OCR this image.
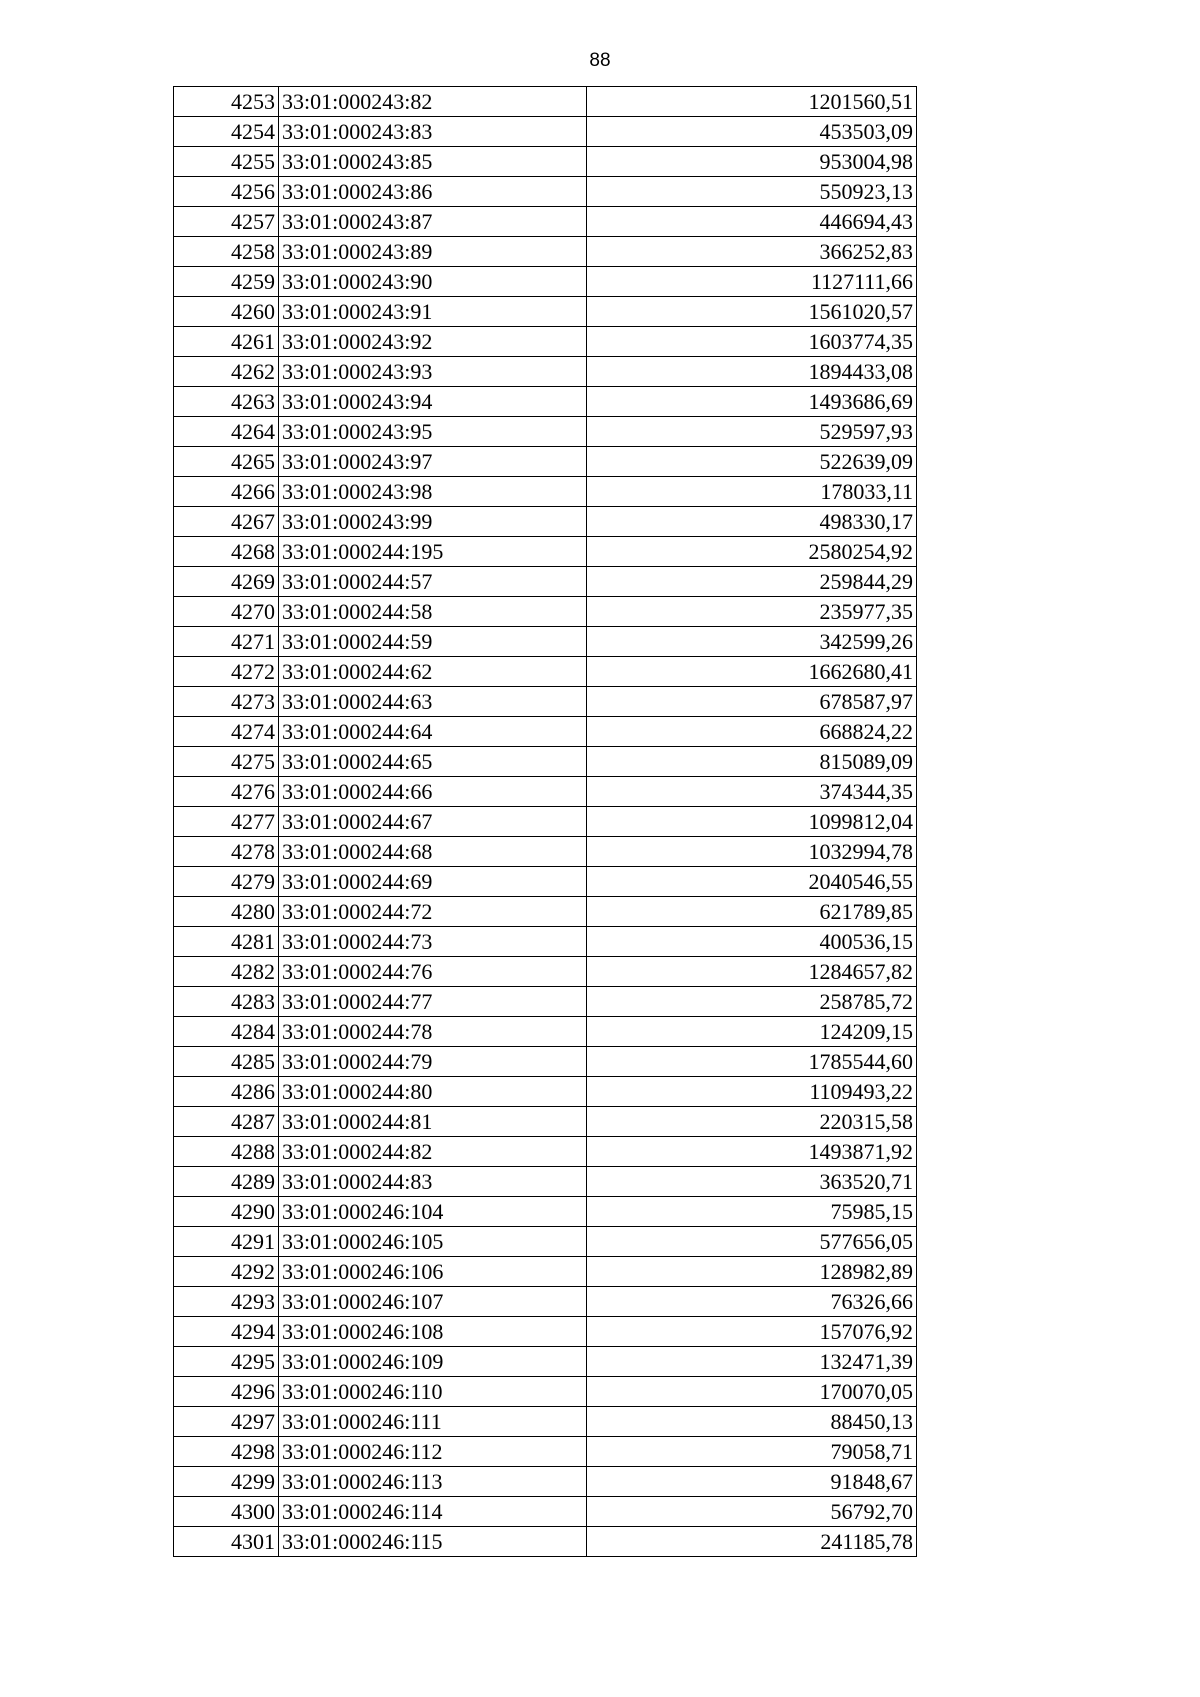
88
4253	33:01:000243:82	1201560,51
4254	33:01:000243:83	453503,09
4255	33:01:000243:85	953004,98
4256	33:01:000243:86	550923,13
4257	33:01:000243:87	446694,43
4258	33:01:000243:89	366252,83
4259	33:01:000243:90	1127111,66
4260	33:01:000243:91	1561020,57
4261	33:01:000243:92	1603774,35
4262	33:01:000243:93	1894433,08
4263	33:01:000243:94	1493686,69
4264	33:01:000243:95	529597,93
4265	33:01:000243:97	522639,09
4266	33:01:000243:98	178033,11
4267	33:01:000243:99	498330,17
4268	33:01:000244:195	2580254,92
4269	33:01:000244:57	259844,29
4270	33:01:000244:58	235977,35
4271	33:01:000244:59	342599,26
4272	33:01:000244:62	1662680,41
4273	33:01:000244:63	678587,97
4274	33:01:000244:64	668824,22
4275	33:01:000244:65	815089,09
4276	33:01:000244:66	374344,35
4277	33:01:000244:67	1099812,04
4278	33:01:000244:68	1032994,78
4279	33:01:000244:69	2040546,55
4280	33:01:000244:72	621789,85
4281	33:01:000244:73	400536,15
4282	33:01:000244:76	1284657,82
4283	33:01:000244:77	258785,72
4284	33:01:000244:78	124209,15
4285	33:01:000244:79	1785544,60
4286	33:01:000244:80	1109493,22
4287	33:01:000244:81	220315,58
4288	33:01:000244:82	1493871,92
4289	33:01:000244:83	363520,71
4290	33:01:000246:104	75985,15
4291	33:01:000246:105	577656,05
4292	33:01:000246:106	128982,89
4293	33:01:000246:107	76326,66
4294	33:01:000246:108	157076,92
4295	33:01:000246:109	132471,39
4296	33:01:000246:110	170070,05
4297	33:01:000246:111	88450,13
4298	33:01:000246:112	79058,71
4299	33:01:000246:113	91848,67
4300	33:01:000246:114	56792,70
4301	33:01:000246:115	241185,78
